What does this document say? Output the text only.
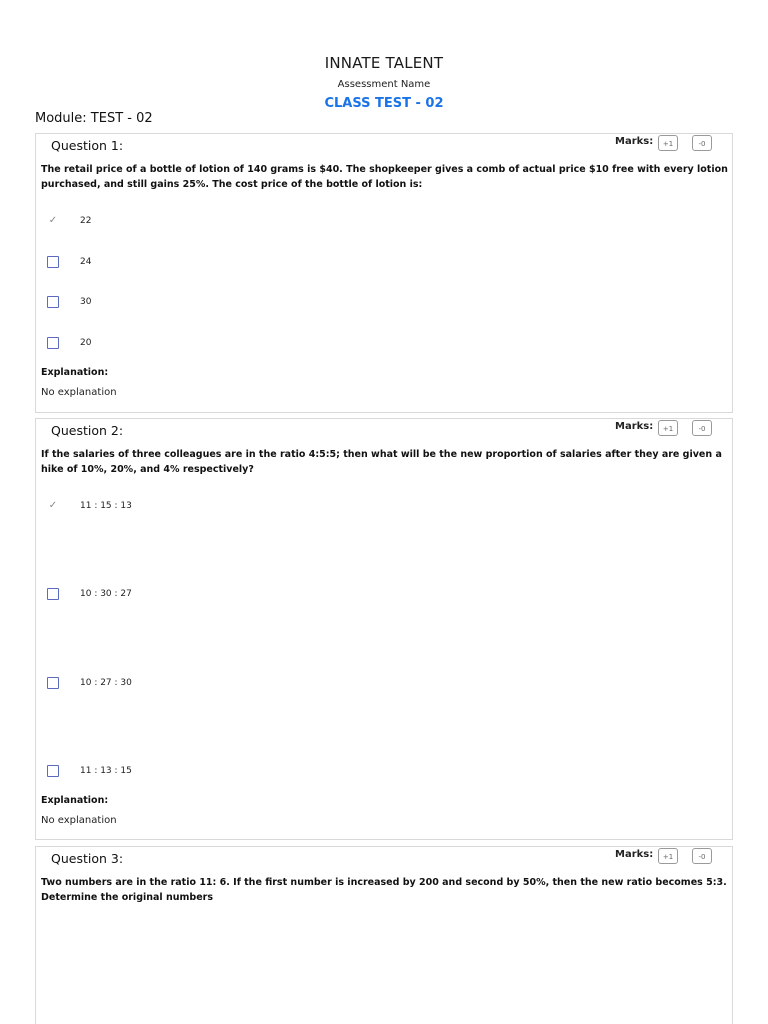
INNATE TALENT
Assessment Name
CLASS TEST - 02
Module: TEST - 02
Question 1:	Marks:	+1	-0
The retail price of a bottle of lotion of 140 grams is $40. The shopkeeper gives a comb of actual price $10 free with every lotion purchased, and still gains 25%. The cost price of the bottle of lotion is:
✓	22
24
30
20
Explanation:
No explanation
Question 2:	Marks:	+1	-0
If the salaries of three colleagues are in the ratio 4:5:5; then what will be the new proportion of salaries after they are given a hike of 10%, 20%, and 4% respectively?
✓	11 : 15 : 13
10 : 30 : 27
10 : 27 : 30
11 : 13 : 15
Explanation:
No explanation
Question 3:	Marks:	+1	-0
Two numbers are in the ratio 11: 6. If the first number is increased by 200 and second by 50%, then the new ratio becomes 5:3. Determine the original numbers
